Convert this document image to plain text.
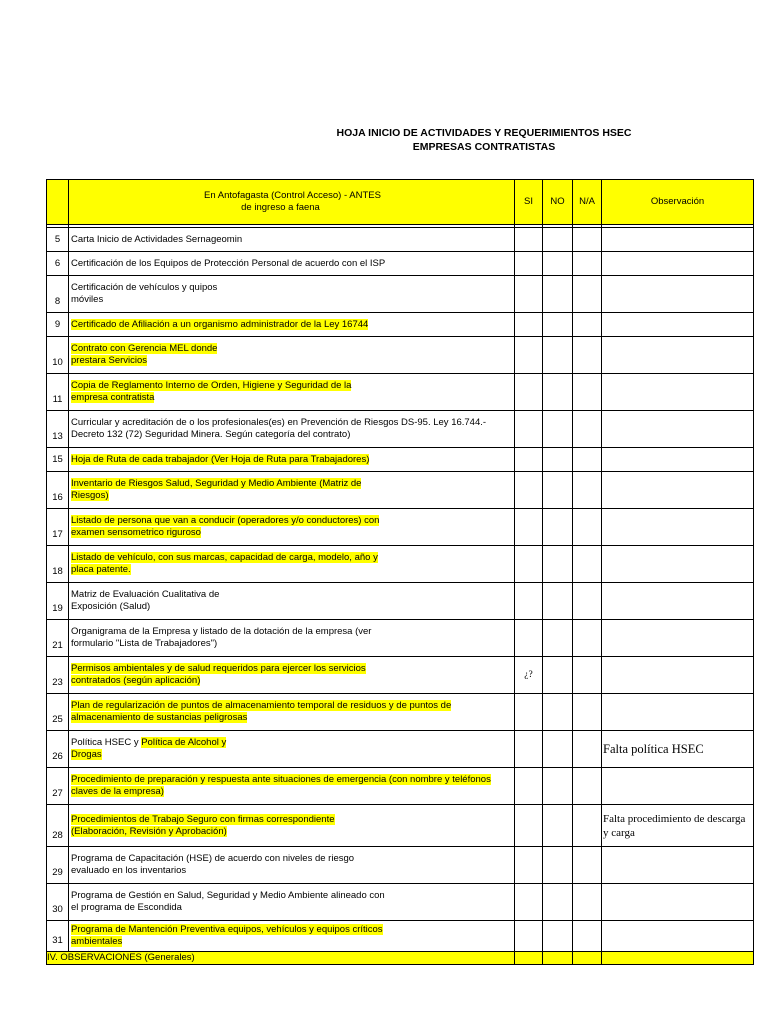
HOJA INICIO DE ACTIVIDADES Y REQUERIMIENTOS HSEC
EMPRESAS CONTRATISTAS

	En Antofagasta (Control Acceso) - ANTES
de ingreso a faena	SI	NO	N/A	Observación

5	Carta Inicio de Actividades Sernageomin				

6	Certificación de los Equipos de Protección Personal de acuerdo con el ISP				

8	Certificación de vehículos y quipos
móviles				

9	Certificado de Afiliación a un organismo administrador de la Ley 16744				

10	Contrato con Gerencia MEL donde
prestara Servicios				

11	Copia de Reglamento Interno de Orden, Higiene y Seguridad de la
empresa contratista				

13	Curricular y acreditación de o los profesionales(es) en Prevención de Riesgos DS-95. Ley 16.744.-
Decreto 132 (72) Seguridad Minera. Según categoría del contrato)				

15	Hoja de Ruta de cada trabajador (Ver Hoja de Ruta para Trabajadores)				

16	Inventario de Riesgos Salud, Seguridad y Medio Ambiente (Matriz de
Riesgos)				

17	Listado de persona que van a conducir (operadores y/o conductores) con
examen sensometrico riguroso				

18	Listado de vehículo, con sus marcas, capacidad de carga, modelo, año y
placa patente.				

19	Matriz de Evaluación Cualitativa de
Exposición (Salud)				

21	Organigrama de la Empresa y listado de la dotación de la empresa (ver
formulario "Lista de Trabajadores")				

23	Permisos ambientales y de salud requeridos para ejercer los servicios
contratados (según aplicación)	¿?			
25	Plan de regularización de puntos de almacenamiento temporal de residuos y de puntos de
almacenamiento de sustancias peligrosas				

26	Política HSEC y Política de Alcohol y
Drogas				Falta política HSEC

27	Procedimiento de preparación y respuesta ante situaciones de emergencia (con nombre y teléfonos
claves de la empresa)				

28	Procedimientos de Trabajo Seguro con firmas correspondiente
(Elaboración, Revisión y Aprobación)				Falta procedimiento de descarga y carga

29	Programa de Capacitación (HSE) de acuerdo con niveles de riesgo
evaluado en los inventarios				

30	Programa de Gestión en Salud, Seguridad y Medio Ambiente alineado con
el programa de Escondida				

31	Programa de Mantención Preventiva equipos, vehículos y equipos críticos
ambientales				

IV. OBSERVACIONES (Generales)					
